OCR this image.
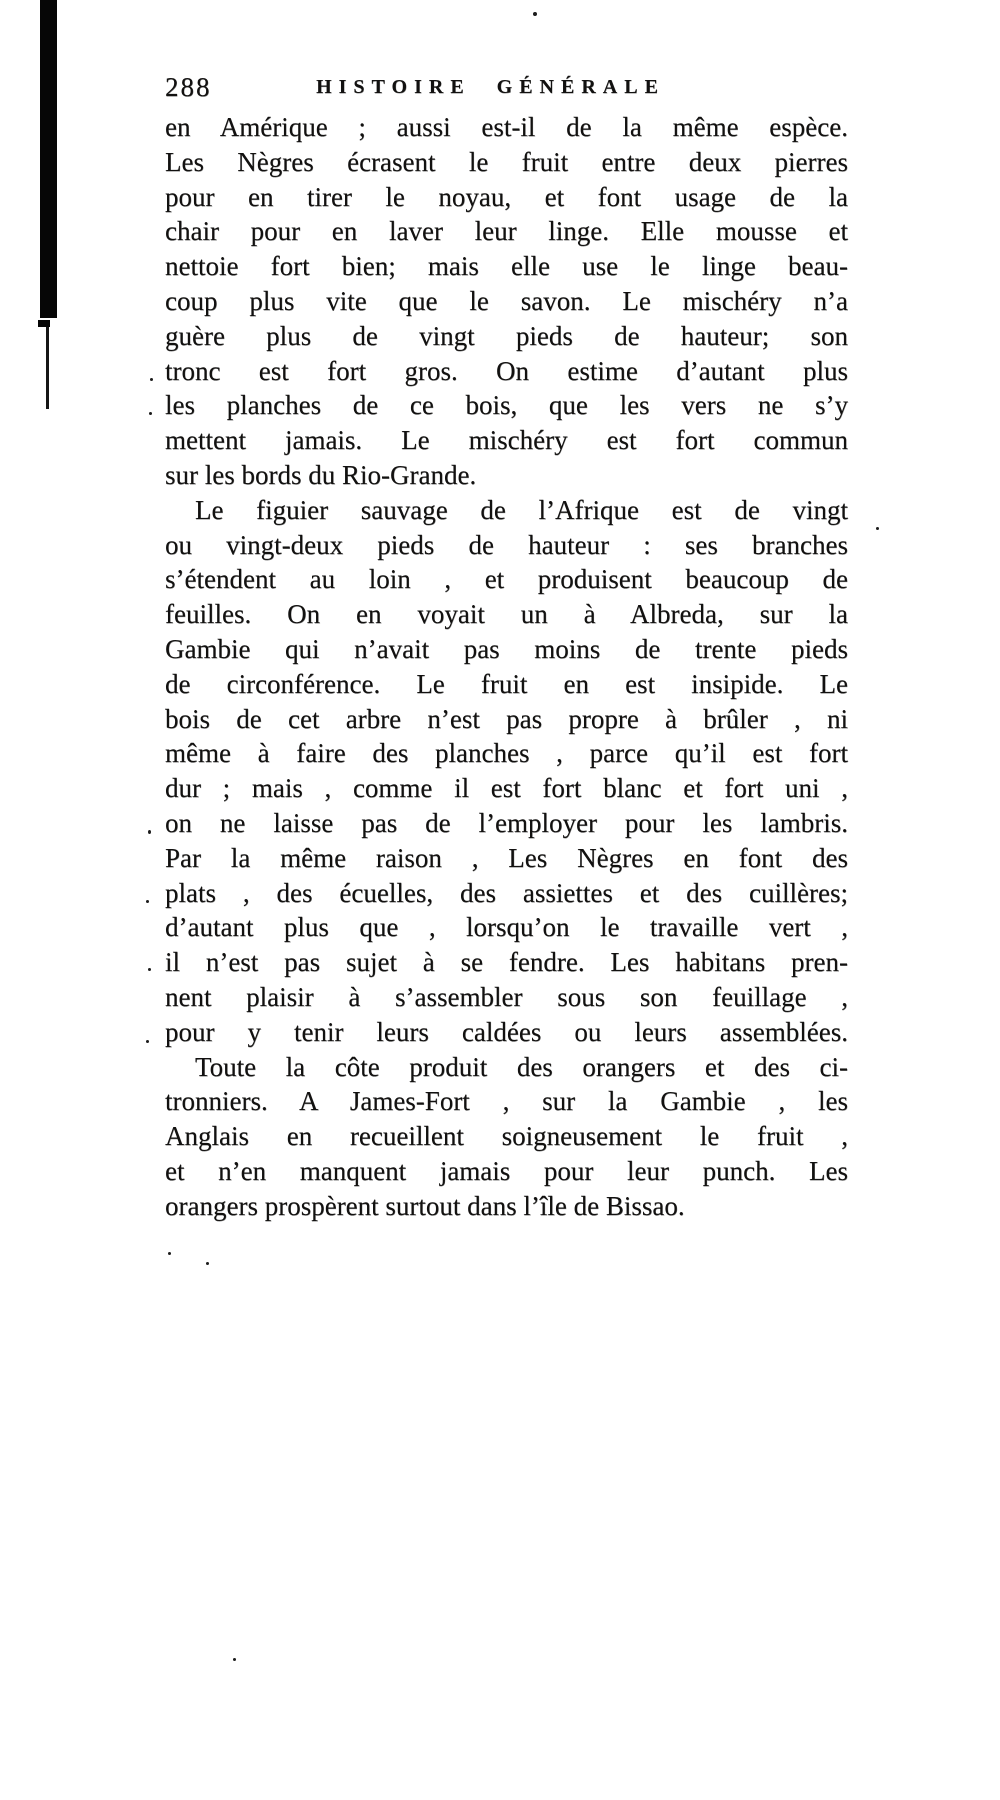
288	HISTOIRE GÉNÉRALE
en Amérique ; aussi est-il de la même espèce.
Les Nègres écrasent le fruit entre deux pierres
pour en tirer le noyau, et font usage de la
chair pour en laver leur linge. Elle mousse et
nettoie fort bien; mais elle use le linge beau-
coup plus vite que le savon. Le mischéry n’a
guère plus de vingt pieds de hauteur; son
tronc est fort gros. On estime d’autant plus
les planches de ce bois, que les vers ne s’y
mettent jamais. Le mischéry est fort commun
sur les bords du Rio-Grande.
Le figuier sauvage de l’Afrique est de vingt
ou vingt-deux pieds de hauteur : ses branches
s’étendent au loin , et produisent beaucoup de
feuilles. On en voyait un à Albreda, sur la
Gambie qui n’avait pas moins de trente pieds
de circonférence. Le fruit en est insipide. Le
bois de cet arbre n’est pas propre à brûler , ni
même à faire des planches , parce qu’il est fort
dur ; mais , comme il est fort blanc et fort uni ,
on ne laisse pas de l’employer pour les lambris.
Par la même raison , Les Nègres en font des
plats , des écuelles, des assiettes et des cuillères;
d’autant plus que , lorsqu’on le travaille vert ,
il n’est pas sujet à se fendre. Les habitans pren-
nent plaisir à s’assembler sous son feuillage ,
pour y tenir leurs caldées ou leurs assemblées.
Toute la côte produit des orangers et des ci-
tronniers. A James-Fort , sur la Gambie , les
Anglais en recueillent soigneusement le fruit ,
et n’en manquent jamais pour leur punch. Les
orangers prospèrent surtout dans l’île de Bissao.
